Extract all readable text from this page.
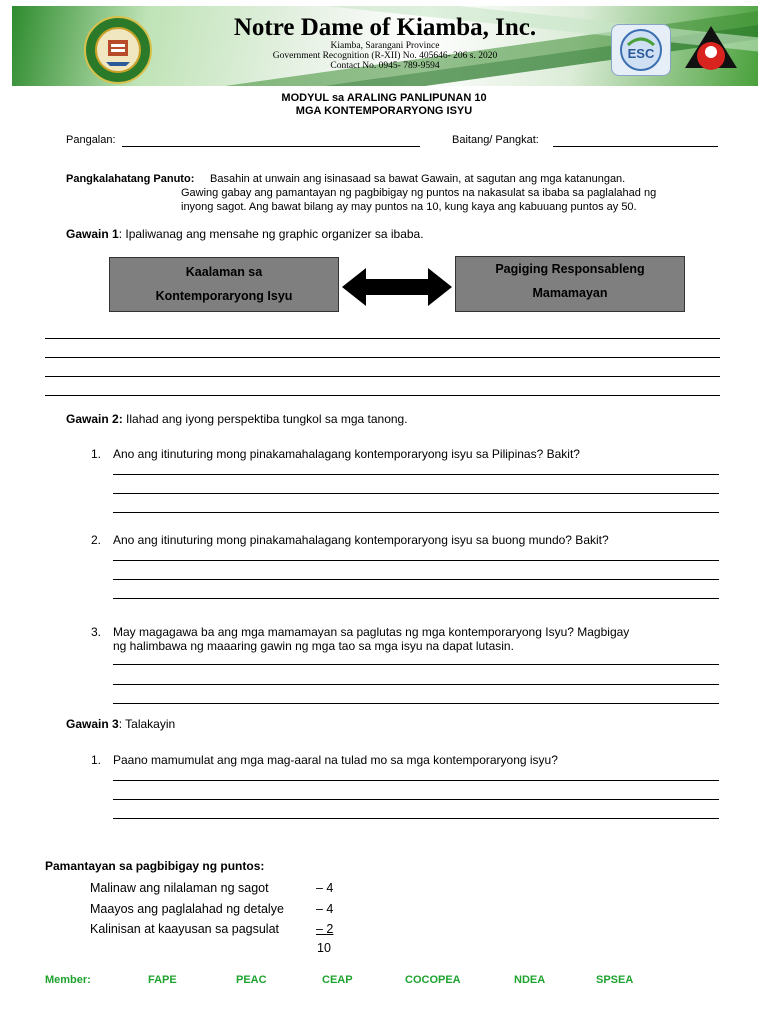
Notre Dame of Kiamba, Inc.
Kiamba, Sarangani Province
Government Recognition (R-XII) No. 405646- 206 s. 2020
Contact No. 0945- 789-9594
ESC
MODYUL sa ARALING PANLIPUNAN 10
MGA KONTEMPORARYONG ISYU
Pangalan:	Baitang/ Pangkat:
Pangkalahatang Panuto: Basahin at unwain ang isinasaad sa bawat Gawain, at sagutan ang mga katanungan.
Gawing gabay ang pamantayan ng pagbibigay ng puntos na nakasulat sa ibaba sa paglalahad ng
inyong sagot. Ang bawat bilang ay may puntos na 10, kung kaya ang kabuuang puntos ay 50.
Gawain 1: Ipaliwanag ang mensahe ng graphic organizer sa ibaba.
Kaalaman sa
Kontemporaryong Isyu
Pagiging Responsableng
Mamamayan
Gawain 2: Ilahad ang iyong perspektiba tungkol sa mga tanong.
1. Ano ang itinuturing mong pinakamahalagang kontemporaryong isyu sa Pilipinas? Bakit?
2. Ano ang itinuturing mong pinakamahalagang kontemporaryong isyu sa buong mundo? Bakit?
3. May magagawa ba ang mga mamamayan sa paglutas ng mga kontemporaryong Isyu? Magbigay
ng halimbawa ng maaaring gawin ng mga tao sa mga isyu na dapat lutasin.
Gawain 3: Talakayin
1. Paano mamumulat ang mga mag-aaral na tulad mo sa mga kontemporaryong isyu?
Pamantayan sa pagbibigay ng puntos:
Malinaw ang nilalaman ng sagot	– 4
Maayos ang paglalahad ng detalye	– 4
Kalinisan at kaayusan sa pagsulat	– 2
10
Member:	FAPE	PEAC	CEAP	COCOPEA	NDEA	SPSEA
